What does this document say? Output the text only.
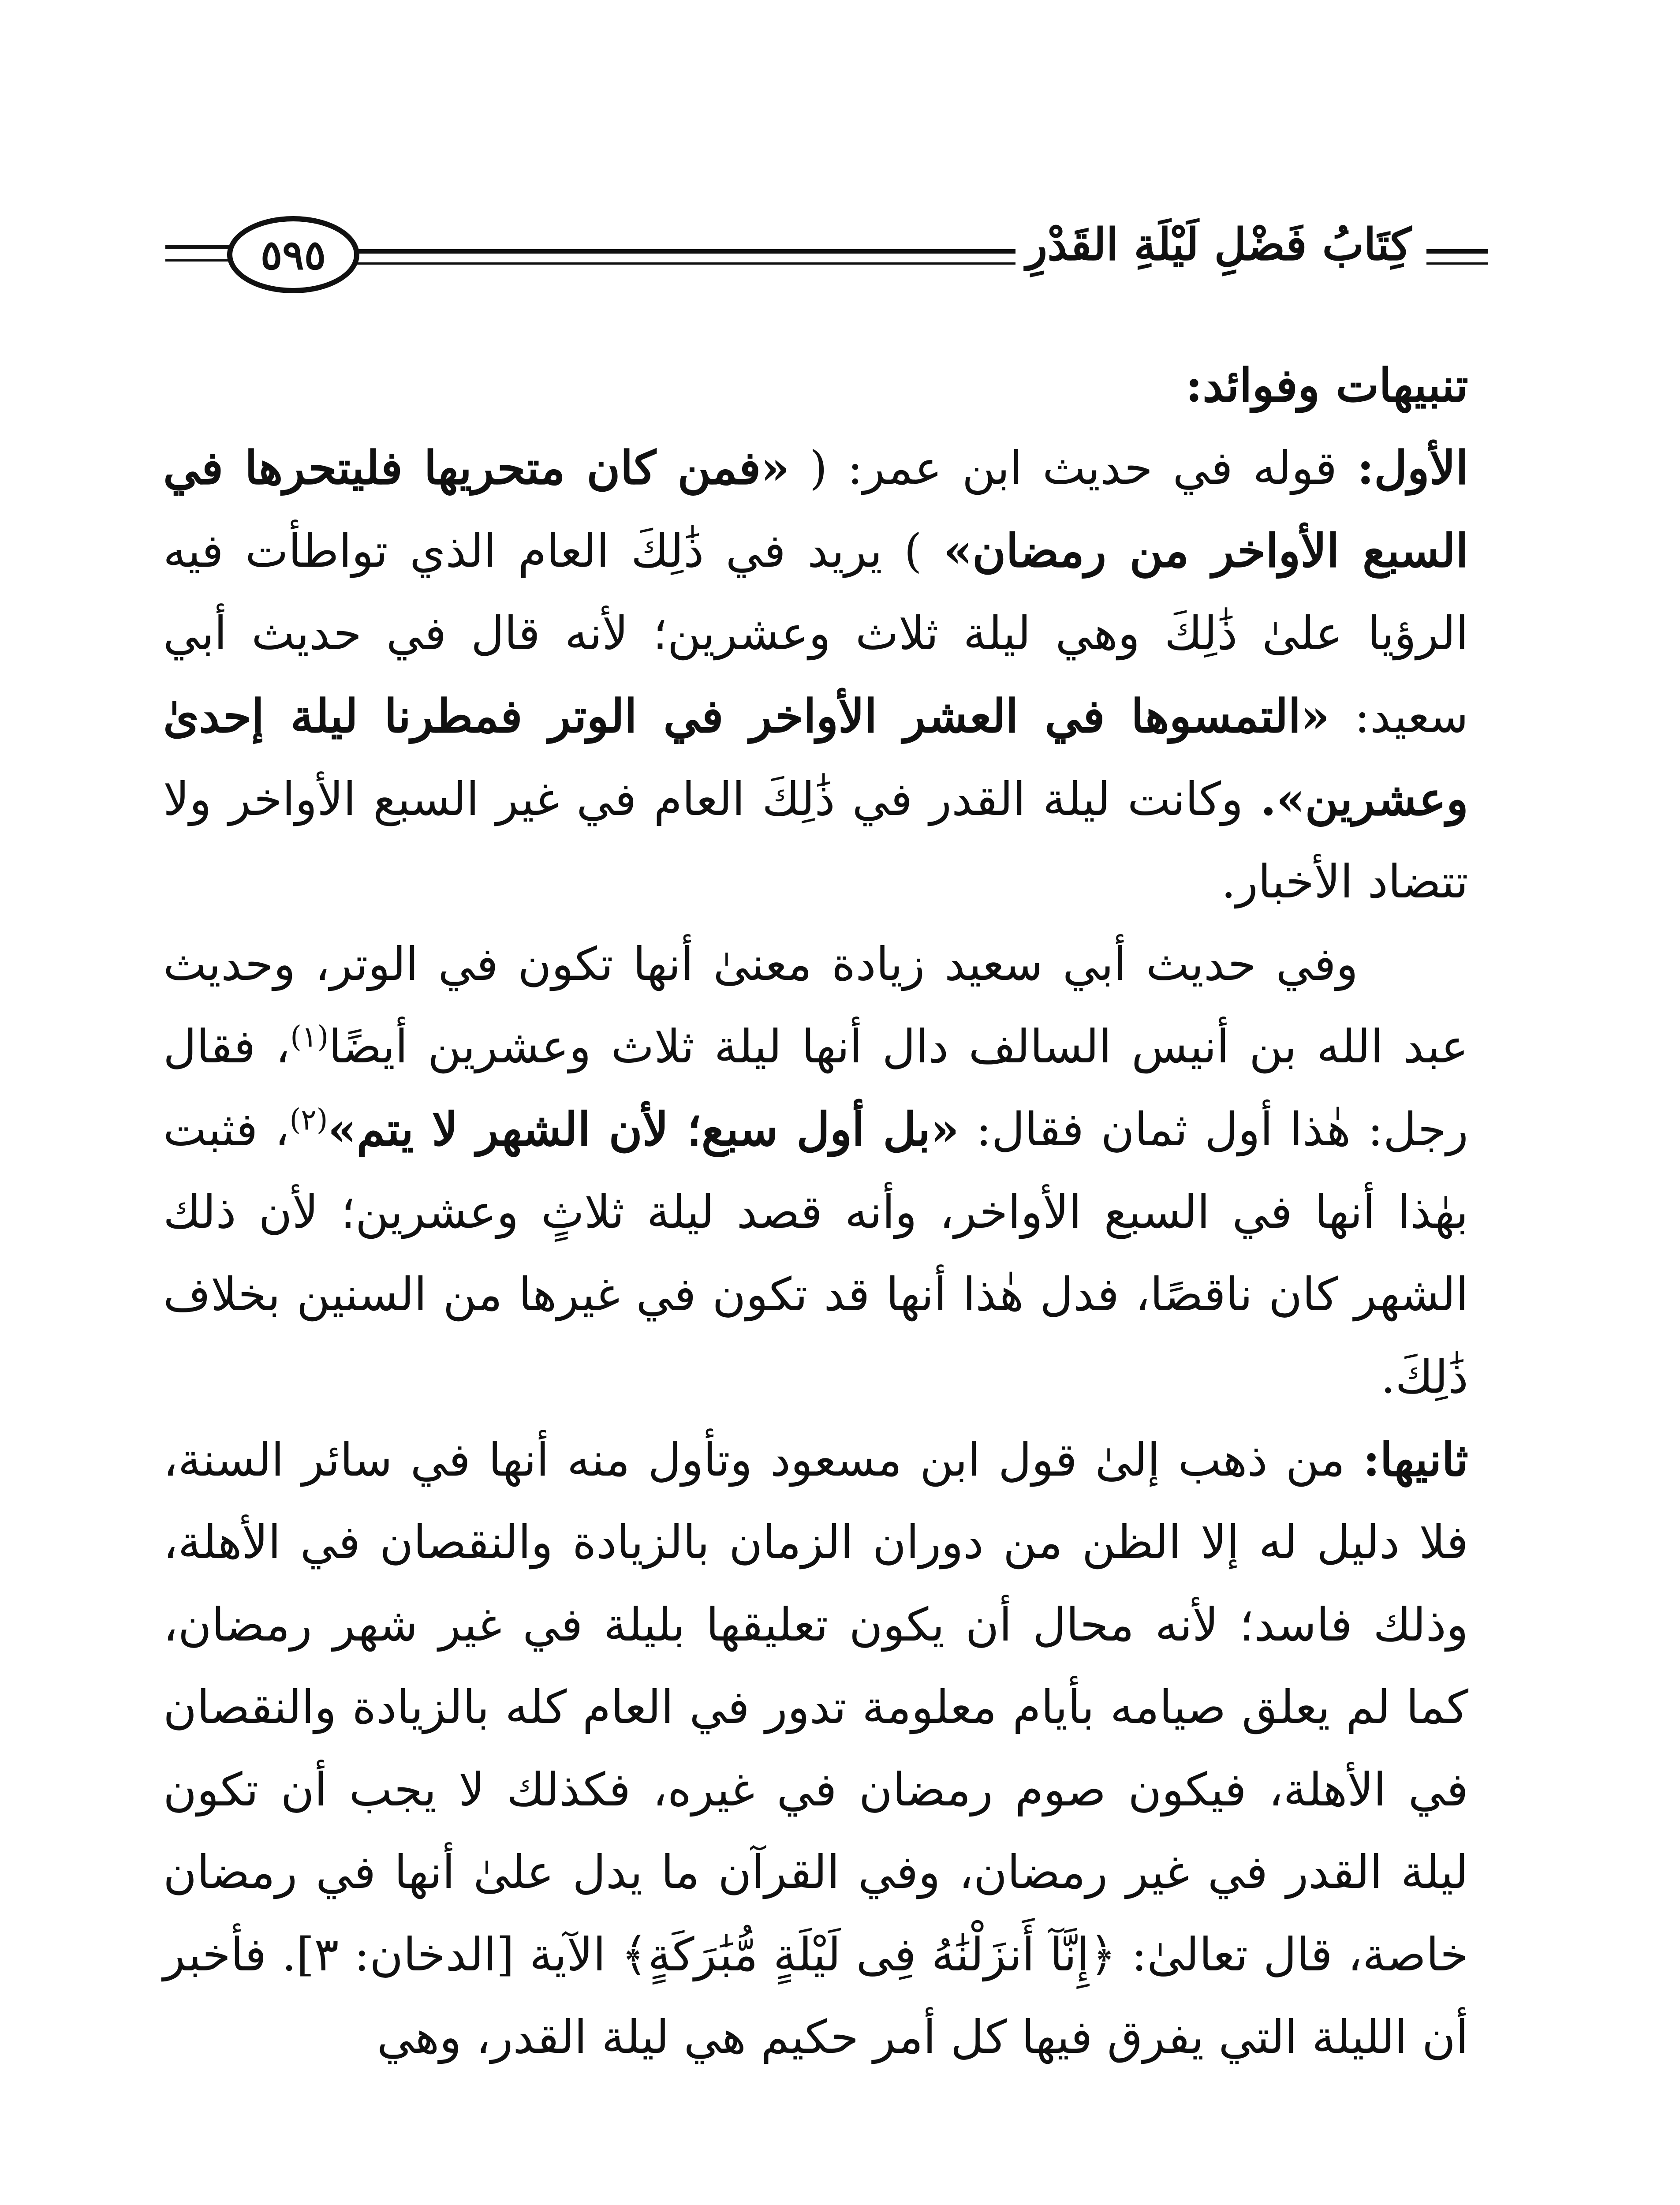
٥٩٥	كِتَابُ فَضْلِ لَيْلَةِ القَدْرِ

تنبيهات وفوائد:

الأول: قوله في حديث ابن عمر: ( «فمن كان متحريها فليتحرها في السبع الأواخر من رمضان» ) يريد في ذَٰلِكَ العام الذي تواطأت فيه الرؤيا علىٰ ذَٰلِكَ وهي ليلة ثلاث وعشرين؛ لأنه قال في حديث أبي سعيد: «التمسوها في العشر الأواخر في الوتر فمطرنا ليلة إحدىٰ وعشرين». وكانت ليلة القدر في ذَٰلِكَ العام في غير السبع الأواخر ولا تتضاد الأخبار.

وفي حديث أبي سعيد زيادة معنىٰ أنها تكون في الوتر، وحديث عبد الله بن أنيس السالف دال أنها ليلة ثلاث وعشرين أيضًا$^{(١)}$، فقال رجل: هٰذا أول ثمان فقال: «بل أول سبع؛ لأن الشهر لا يتم»$^{(٢)}$، فثبت بهٰذا أنها في السبع الأواخر، وأنه قصد ليلة ثلاثٍ وعشرين؛ لأن ذلك الشهر كان ناقصًا، فدل هٰذا أنها قد تكون في غيرها من السنين بخلاف ذَٰلِكَ.

ثانيها: من ذهب إلىٰ قول ابن مسعود وتأول منه أنها في سائر السنة، فلا دليل له إلا الظن من دوران الزمان بالزيادة والنقصان في الأهلة، وذلك فاسد؛ لأنه محال أن يكون تعليقها بليلة في غير شهر رمضان، كما لم يعلق صيامه بأيام معلومة تدور في العام كله بالزيادة والنقصان في الأهلة، فيكون صوم رمضان في غيره، فكذلك لا يجب أن تكون ليلة القدر في غير رمضان، وفي القرآن ما يدل علىٰ أنها في رمضان خاصة، قال تعالىٰ: ﴿إِنَّآ أَنزَلْنَٰهُ فِى لَيْلَةٍ مُّبَٰرَكَةٍ﴾ الآية [الدخان: ٣]. فأخبر أن الليلة التي يفرق فيها كل أمر حكيم هي ليلة القدر، وهي
